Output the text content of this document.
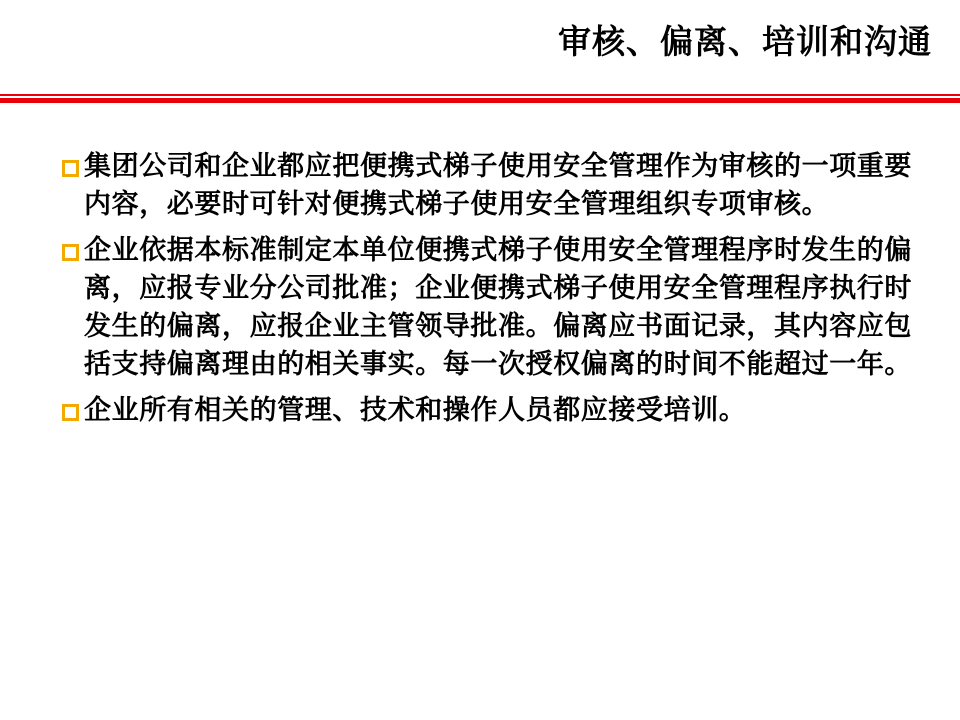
审核、偏离、培训和沟通
集团公司和企业都应把便携式梯子使用安全管理作为审核的一项重要内容，必要时可针对便携式梯子使用安全管理组织专项审核。
企业依据本标准制定本单位便携式梯子使用安全管理程序时发生的偏离，应报专业分公司批准；企业便携式梯子使用安全管理程序执行时发生的偏离，应报企业主管领导批准。偏离应书面记录，其内容应包括支持偏离理由的相关事实。每一次授权偏离的时间不能超过一年。
企业所有相关的管理、技术和操作人员都应接受培训。
